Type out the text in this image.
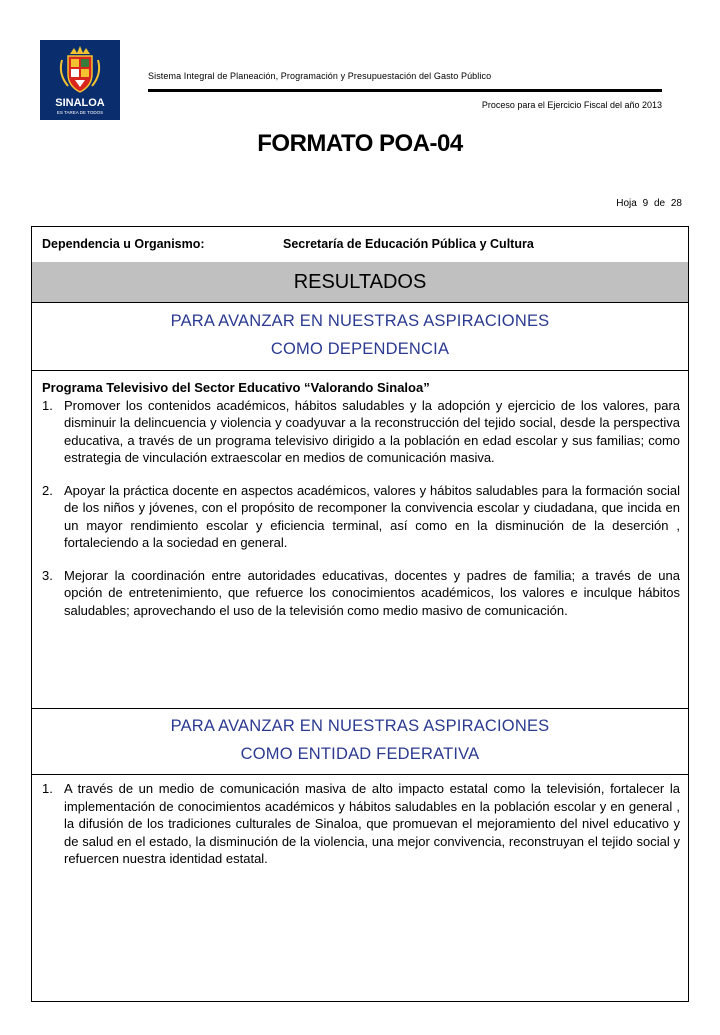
SINALOA
ES TAREA DE TODOS
Sistema Integral de Planeación, Programación y Presupuestación del Gasto Público
Proceso para el Ejercicio Fiscal del año 2013
FORMATO POA-04
Hoja 9 de 28
Dependencia u Organismo:	Secretaría de Educación Pública y Cultura
RESULTADOS
PARA AVANZAR EN NUESTRAS ASPIRACIONES
COMO DEPENDENCIA
Programa Televisivo del Sector Educativo “Valorando Sinaloa”
1. Promover los contenidos académicos, hábitos saludables y la adopción y ejercicio de los valores, para disminuir la delincuencia y violencia y coadyuvar a la reconstrucción del tejido social, desde la perspectiva educativa, a través de un programa televisivo dirigido a la población en edad escolar y sus familias; como estrategia de vinculación extraescolar en medios de comunicación masiva.
2. Apoyar la práctica docente en aspectos académicos, valores y hábitos saludables para la formación social de los niños y jóvenes, con el propósito de recomponer la convivencia escolar y ciudadana, que incida en un mayor rendimiento escolar y eficiencia terminal, así como en la disminución de la deserción , fortaleciendo a la sociedad en general.
3. Mejorar la coordinación entre autoridades educativas, docentes y padres de familia; a través de una opción de entretenimiento, que refuerce los conocimientos académicos, los valores e inculque hábitos saludables; aprovechando el uso de la televisión como medio masivo de comunicación.
PARA AVANZAR EN NUESTRAS ASPIRACIONES
COMO ENTIDAD FEDERATIVA
1. A través de un medio de comunicación masiva de alto impacto estatal como la televisión, fortalecer la implementación de conocimientos académicos y hábitos saludables en la población escolar y en general , la difusión de los tradiciones culturales de Sinaloa, que promuevan el mejoramiento del nivel educativo y de salud en el estado, la disminución de la violencia, una mejor convivencia, reconstruyan el tejido social y refuercen nuestra identidad estatal.
